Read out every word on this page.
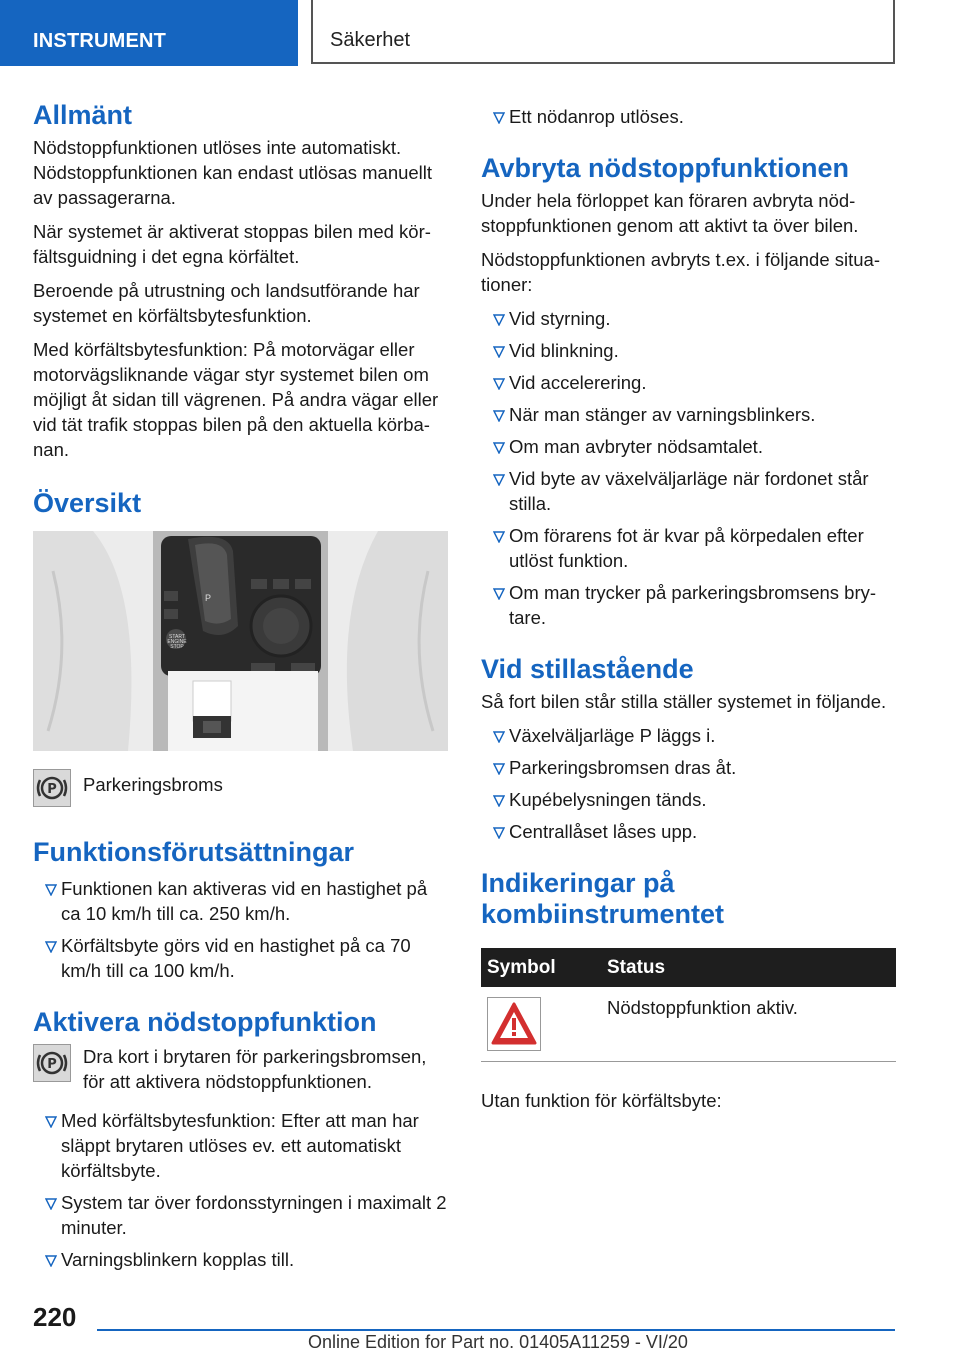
INSTRUMENT	Säkerhet
Allmänt

Nödstoppfunktionen utlöses inte automatiskt. Nödstoppfunktionen kan endast utlösas manuellt av passagerarna.

När systemet är aktiverat stoppas bilen med kör-fältsguidning i det egna körfältet.

Beroende på utrustning och landsutförande har systemet en körfältsbytesfunktion.

Med körfältsbytesfunktion: På motorvägar eller motorvägsliknande vägar styr systemet bilen om möjligt åt sidan till vägrenen. På andra vägar eller vid tät trafik stoppas bilen på den aktuella körba-nan.

Översikt
START ENGINE STOP
P
P Parkeringsbroms
Funktionsförutsättningar
Funktionen kan aktiveras vid en hastighet på ca 10 km/h till ca. 250 km/h.
Körfältsbyte görs vid en hastighet på ca 70 km/h till ca 100 km/h.
Aktivera nödstoppfunktion
P Dra kort i brytaren för parkeringsbromsen, för att aktivera nödstoppfunktionen.
Med körfältsbytesfunktion: Efter att man har släppt brytaren utlöses ev. ett automatiskt körfältsbyte.
System tar över fordonsstyrningen i maximalt 2 minuter.
Varningsblinkern kopplas till.
Ett nödanrop utlöses.
Avbryta nödstoppfunktionen

Under hela förloppet kan föraren avbryta nöd-stoppfunktionen genom att aktivt ta över bilen.

Nödstoppfunktionen avbryts t.ex. i följande situa-tioner:

Vid styrning.
Vid blinkning.
Vid accelerering.
När man stänger av varningsblinkers.
Om man avbryter nödsamtalet.
Vid byte av växelväljarläge när fordonet står stilla.
Om förarens fot är kvar på körpedalen efter utlöst funktion.
Om man trycker på parkeringsbromsens bry-tare.
Vid stillastående

Så fort bilen står stilla ställer systemet in följande.

Växelväljarläge P läggs i.
Parkeringsbromsen dras åt.
Kupébelysningen tänds.
Centrallåset låses upp.
Indikeringar på
kombiinstrumentet
Symbol	Status

	Nödstoppfunktion aktiv.

Utan funktion för körfältsbyte:

220
Online Edition for Part no. 01405A11259 - VI/20
